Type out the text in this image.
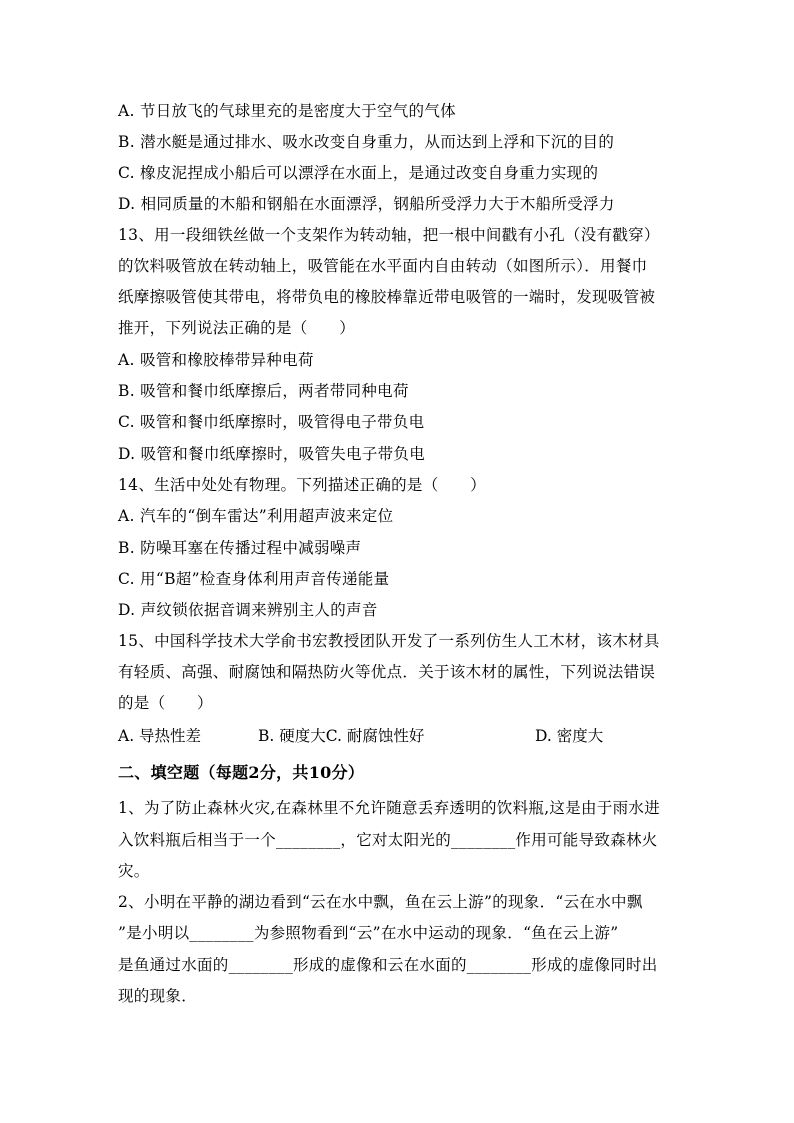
A. 节日放飞的气球里充的是密度大于空气的气体
B. 潜水艇是通过排水、吸水改变自身重力，从而达到上浮和下沉的目的
C. 橡皮泥捏成小船后可以漂浮在水面上，是通过改变自身重力实现的
D. 相同质量的木船和钢船在水面漂浮，钢船所受浮力大于木船所受浮力
13、用一段细铁丝做一个支架作为转动轴，把一根中间戳有小孔（没有戳穿）
的饮料吸管放在转动轴上，吸管能在水平面内自由转动（如图所示）．用餐巾
纸摩擦吸管使其带电，将带负电的橡胶棒靠近带电吸管的一端时，发现吸管被
推开，下列说法正确的是（　　）
A. 吸管和橡胶棒带异种电荷
B. 吸管和餐巾纸摩擦后，两者带同种电荷
C. 吸管和餐巾纸摩擦时，吸管得电子带负电
D. 吸管和餐巾纸摩擦时，吸管失电子带负电
14、生活中处处有物理。下列描述正确的是（　　）
A. 汽车的“倒车雷达”利用超声波来定位
B. 防噪耳塞在传播过程中减弱噪声
C. 用“B超”检查身体利用声音传递能量
D. 声纹锁依据音调来辨别主人的声音
15、中国科学技术大学俞书宏教授团队开发了一系列仿生人工木材，该木材具
有轻质、高强、耐腐蚀和隔热防火等优点．关于该木材的属性，下列说法错误
的是（　　）
A. 导热性差	B. 硬度大C. 耐腐蚀性好	D. 密度大
二、填空题（每题2分，共10分）
1、为了防止森林火灾,在森林里不允许随意丢弃透明的饮料瓶,这是由于雨水进
入饮料瓶后相当于一个________，它对太阳光的________作用可能导致森林火
灾。
2、小明在平静的湖边看到“云在水中飘，鱼在云上游”的现象．“云在水中飘
”是小明以________为参照物看到“云”在水中运动的现象．“鱼在云上游”
是鱼通过水面的________形成的虚像和云在水面的________形成的虚像同时出
现的现象．
